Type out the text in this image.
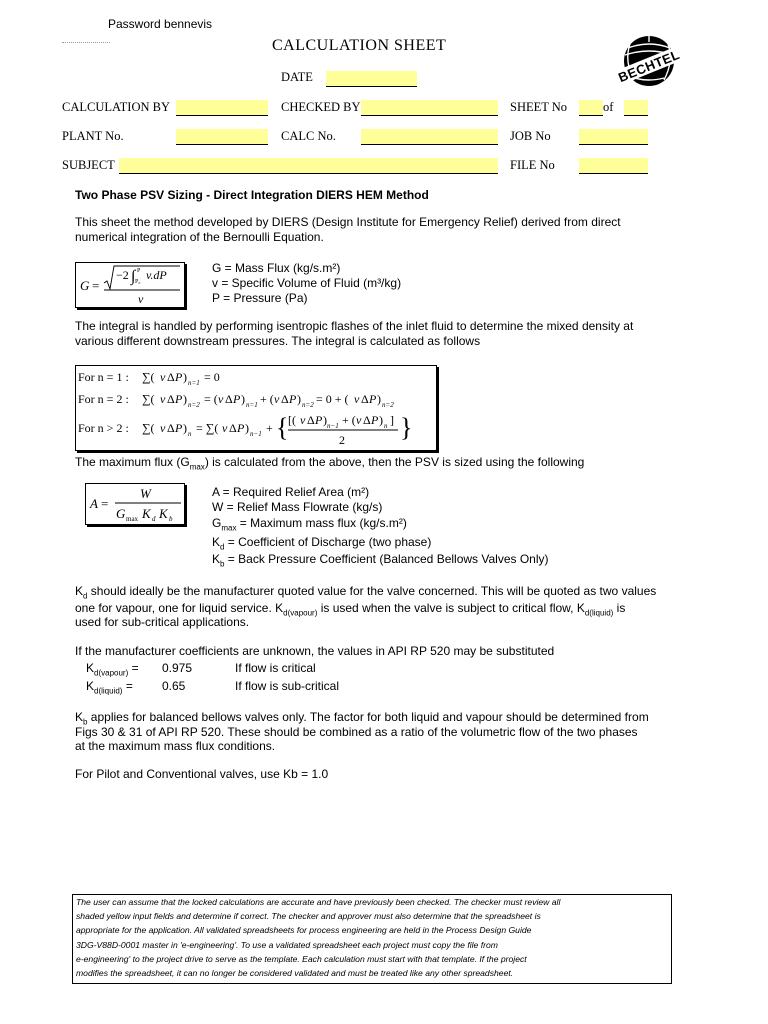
Password bennevis
CALCULATION SHEET
BECHTEL
DATE
CALCULATION BY	CHECKED BY	SHEET No	of
PLANT No.	CALC No.	JOB No
SUBJECT	FILE No
Two Phase PSV Sizing - Direct Integration DIERS HEM Method
This sheet the method developed by DIERS (Design Institute for Emergency Relief) derived from direct
numerical integration of the Bernoulli Equation.
G =
−2 ∫ P
P₀ v.dP
v
G = Mass Flux (kg/s.m²)
v = Specific Volume of Fluid (m³/kg)
P = Pressure (Pa)
The integral is handled by performing isentropic flashes of the inlet fluid to determine the mixed density at
various different downstream pressures. The integral is calculated as follows
For n = 1 : ∑( v Δ P ) n=1 = 0
For n = 2 : ∑( v Δ P ) n=2 = ( v Δ P ) n=1 + ( v Δ P ) n=2 = 0 + ( v Δ P ) n=2
For n > 2 : ∑( v Δ P ) n = ∑( v Δ P ) n−1 + { [( v Δ P ) n−1 + ( v Δ P ) n ]
2 }
The maximum flux $(G_{max})$ is calculated from the above, then the PSV is sized using the following
A =
W
G max K d K b
A = Required Relief Area (m²)
W = Relief Mass Flowrate (kg/s)
$G_{max}$ = Maximum mass flux (kg/s.m²)
$K_d$ = Coefficient of Discharge (two phase)
$K_b$ = Back Pressure Coefficient (Balanced Bellows Valves Only)
$K_d$ should ideally be the manufacturer quoted value for the valve concerned. This will be quoted as two values
one for vapour, one for liquid service. $K_{d(vapour)}$ is used when the valve is subject to critical flow, $K_{d(liquid)}$ is
used for sub-critical applications.
If the manufacturer coefficients are unknown, the values in API RP 520 may be substituted
$K_{d(vapour)} = 0.975$	If flow is critical
$K_{d(liquid)} = 0.65$	If flow is sub-critical
$K_b$ applies for balanced bellows valves only. The factor for both liquid and vapour should be determined from
Figs 30 & 31 of API RP 520. These should be combined as a ratio of the volumetric flow of the two phases
at the maximum mass flux conditions.
For Pilot and Conventional valves, use Kb = 1.0
The user can assume that the locked calculations are accurate and have previously been checked. The checker must review all
shaded yellow input fields and determine if correct. The checker and approver must also determine that the spreadsheet is
appropriate for the application. All validated spreadsheets for process engineering are held in the Process Design Guide
3DG-V88D-0001 master in 'e-engineering'. To use a validated spreadsheet each project must copy the file from
e-engineering' to the project drive to serve as the template. Each calculation must start with that template. If the project
modifies the spreadsheet, it can no longer be considered validated and must be treated like any other spreadsheet.
